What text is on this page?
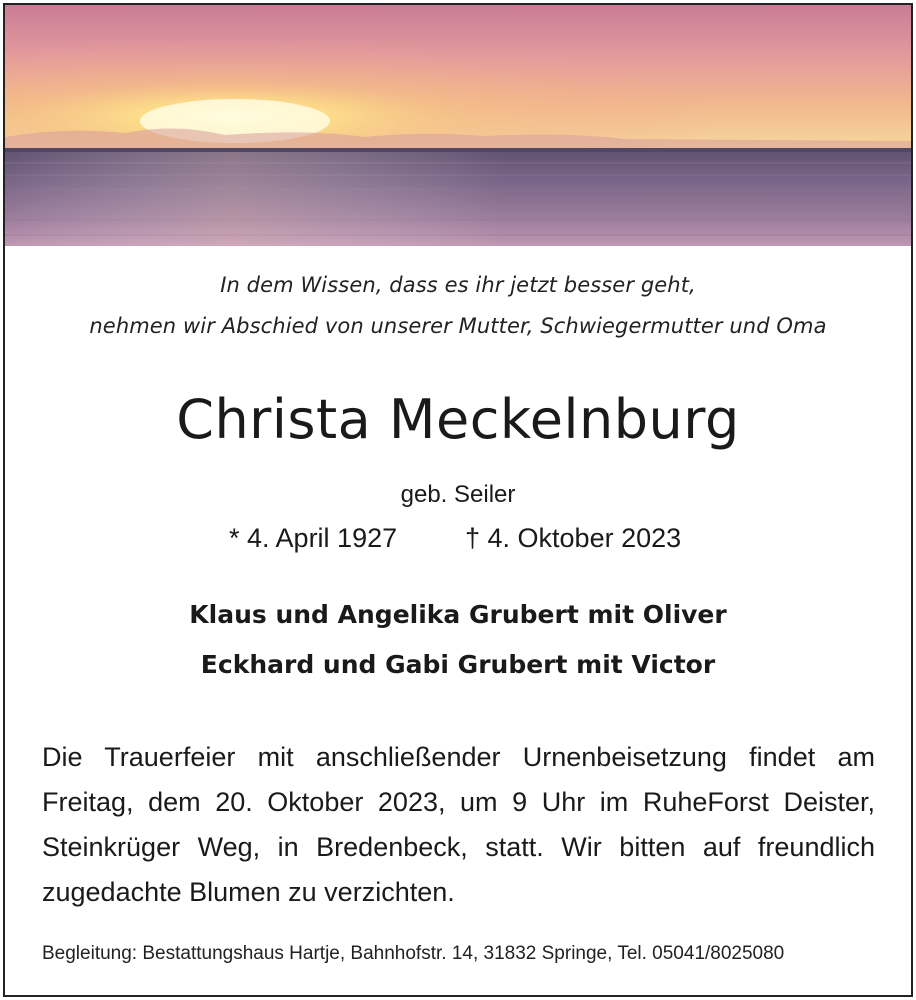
In dem Wissen, dass es ihr jetzt besser geht,
nehmen wir Abschied von unserer Mutter, Schwiegermutter und Oma
Christa Meckelnburg
geb. Seiler
* 4. April 1927	† 4. Oktober 2023
Klaus und Angelika Grubert mit Oliver
Eckhard und Gabi Grubert mit Victor
Die Trauerfeier mit anschließender Urnenbeisetzung findet am Freitag, dem 20. Oktober 2023, um 9 Uhr im RuheForst Deister, Steinkrüger Weg, in Bredenbeck, statt. Wir bitten auf freundlich zugedachte Blumen zu verzichten.
Begleitung: Bestattungshaus Hartje, Bahnhofstr. 14, 31832 Springe, Tel. 05041/8025080
